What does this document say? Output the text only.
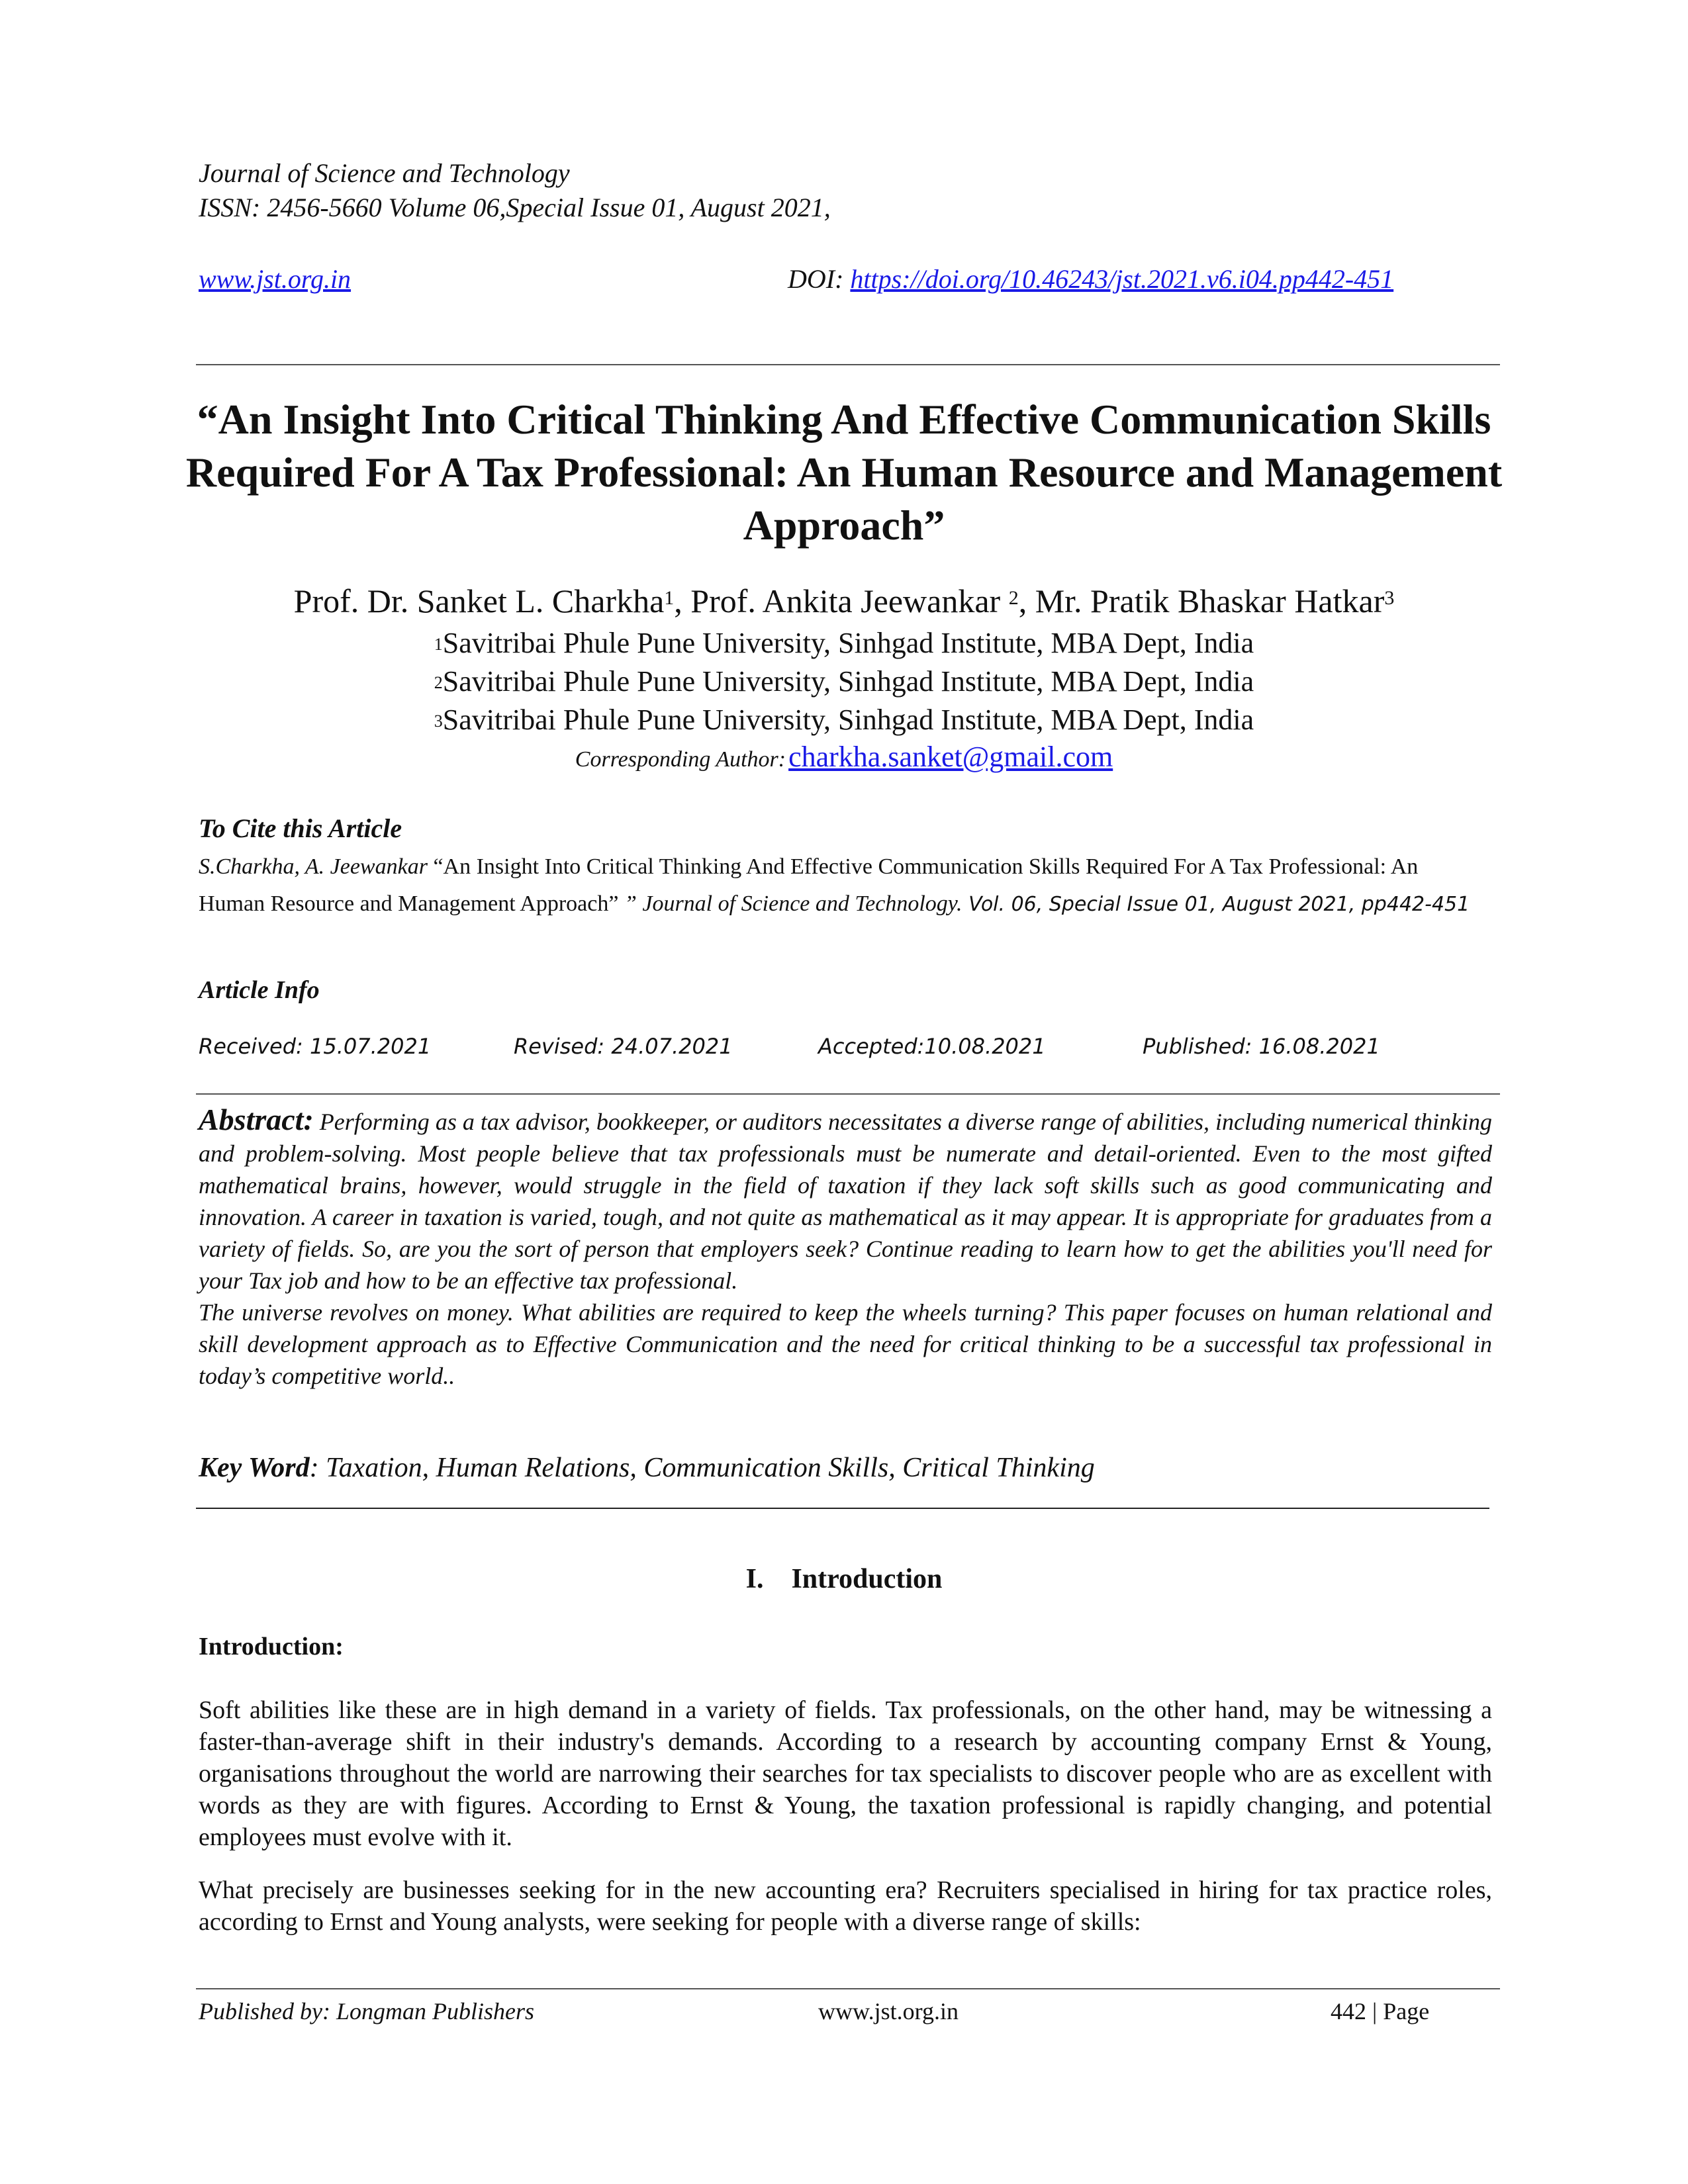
Journal of Science and Technology
ISSN: 2456-5660 Volume 06,Special Issue 01, August 2021,
www.jst.org.in	DOI: https://doi.org/10.46243/jst.2021.v6.i04.pp442-451
“An Insight Into Critical Thinking And Effective Communication Skills Required For A Tax Professional: An Human Resource and Management Approach”
Prof. Dr. Sanket L. Charkha$^1$, Prof. Ankita Jeewankar $^2$, Mr. Pratik Bhaskar Hatkar$^3$
$^1$Savitribai Phule Pune University, Sinhgad Institute, MBA Dept, India
$^2$Savitribai Phule Pune University, Sinhgad Institute, MBA Dept, India
$^3$Savitribai Phule Pune University, Sinhgad Institute, MBA Dept, India
Corresponding Author: charkha.sanket@gmail.com
To Cite this Article
S.Charkha, A. Jeewankar “An Insight Into Critical Thinking And Effective Communication Skills Required For A Tax Professional: An Human Resource and Management Approach” ” Journal of Science and Technology. Vol. 06, Special Issue 01, August 2021, pp442-451
Article Info
Received: 15.07.2021	Revised: 24.07.2021	Accepted:10.08.2021	Published: 16.08.2021

Abstract: Performing as a tax advisor, bookkeeper, or auditors necessitates a diverse range of abilities, including numerical thinking and problem-solving. Most people believe that tax professionals must be numerate and detail-oriented. Even to the most gifted mathematical brains, however, would struggle in the field of taxation if they lack soft skills such as good communicating and innovation. A career in taxation is varied, tough, and not quite as mathematical as it may appear. It is appropriate for graduates from a variety of fields. So, are you the sort of person that employers seek? Continue reading to learn how to get the abilities you'll need for your Tax job and how to be an effective tax professional.

The universe revolves on money. What abilities are required to keep the wheels turning? This paper focuses on human relational and skill development approach as to Effective Communication and the need for critical thinking to be a successful tax professional in today’s competitive world..

Key Word: Taxation, Human Relations, Communication Skills, Critical Thinking
I.    Introduction
Introduction:
Soft abilities like these are in high demand in a variety of fields. Tax professionals, on the other hand, may be witnessing a faster-than-average shift in their industry's demands. According to a research by accounting company Ernst & Young, organisations throughout the world are narrowing their searches for tax specialists to discover people who are as excellent with words as they are with figures. According to Ernst & Young, the taxation professional is rapidly changing, and potential employees must evolve with it.
What precisely are businesses seeking for in the new accounting era? Recruiters specialised in hiring for tax practice roles, according to Ernst and Young analysts, were seeking for people with a diverse range of skills:
Published by: Longman Publishers	www.jst.org.in	442 | Page
